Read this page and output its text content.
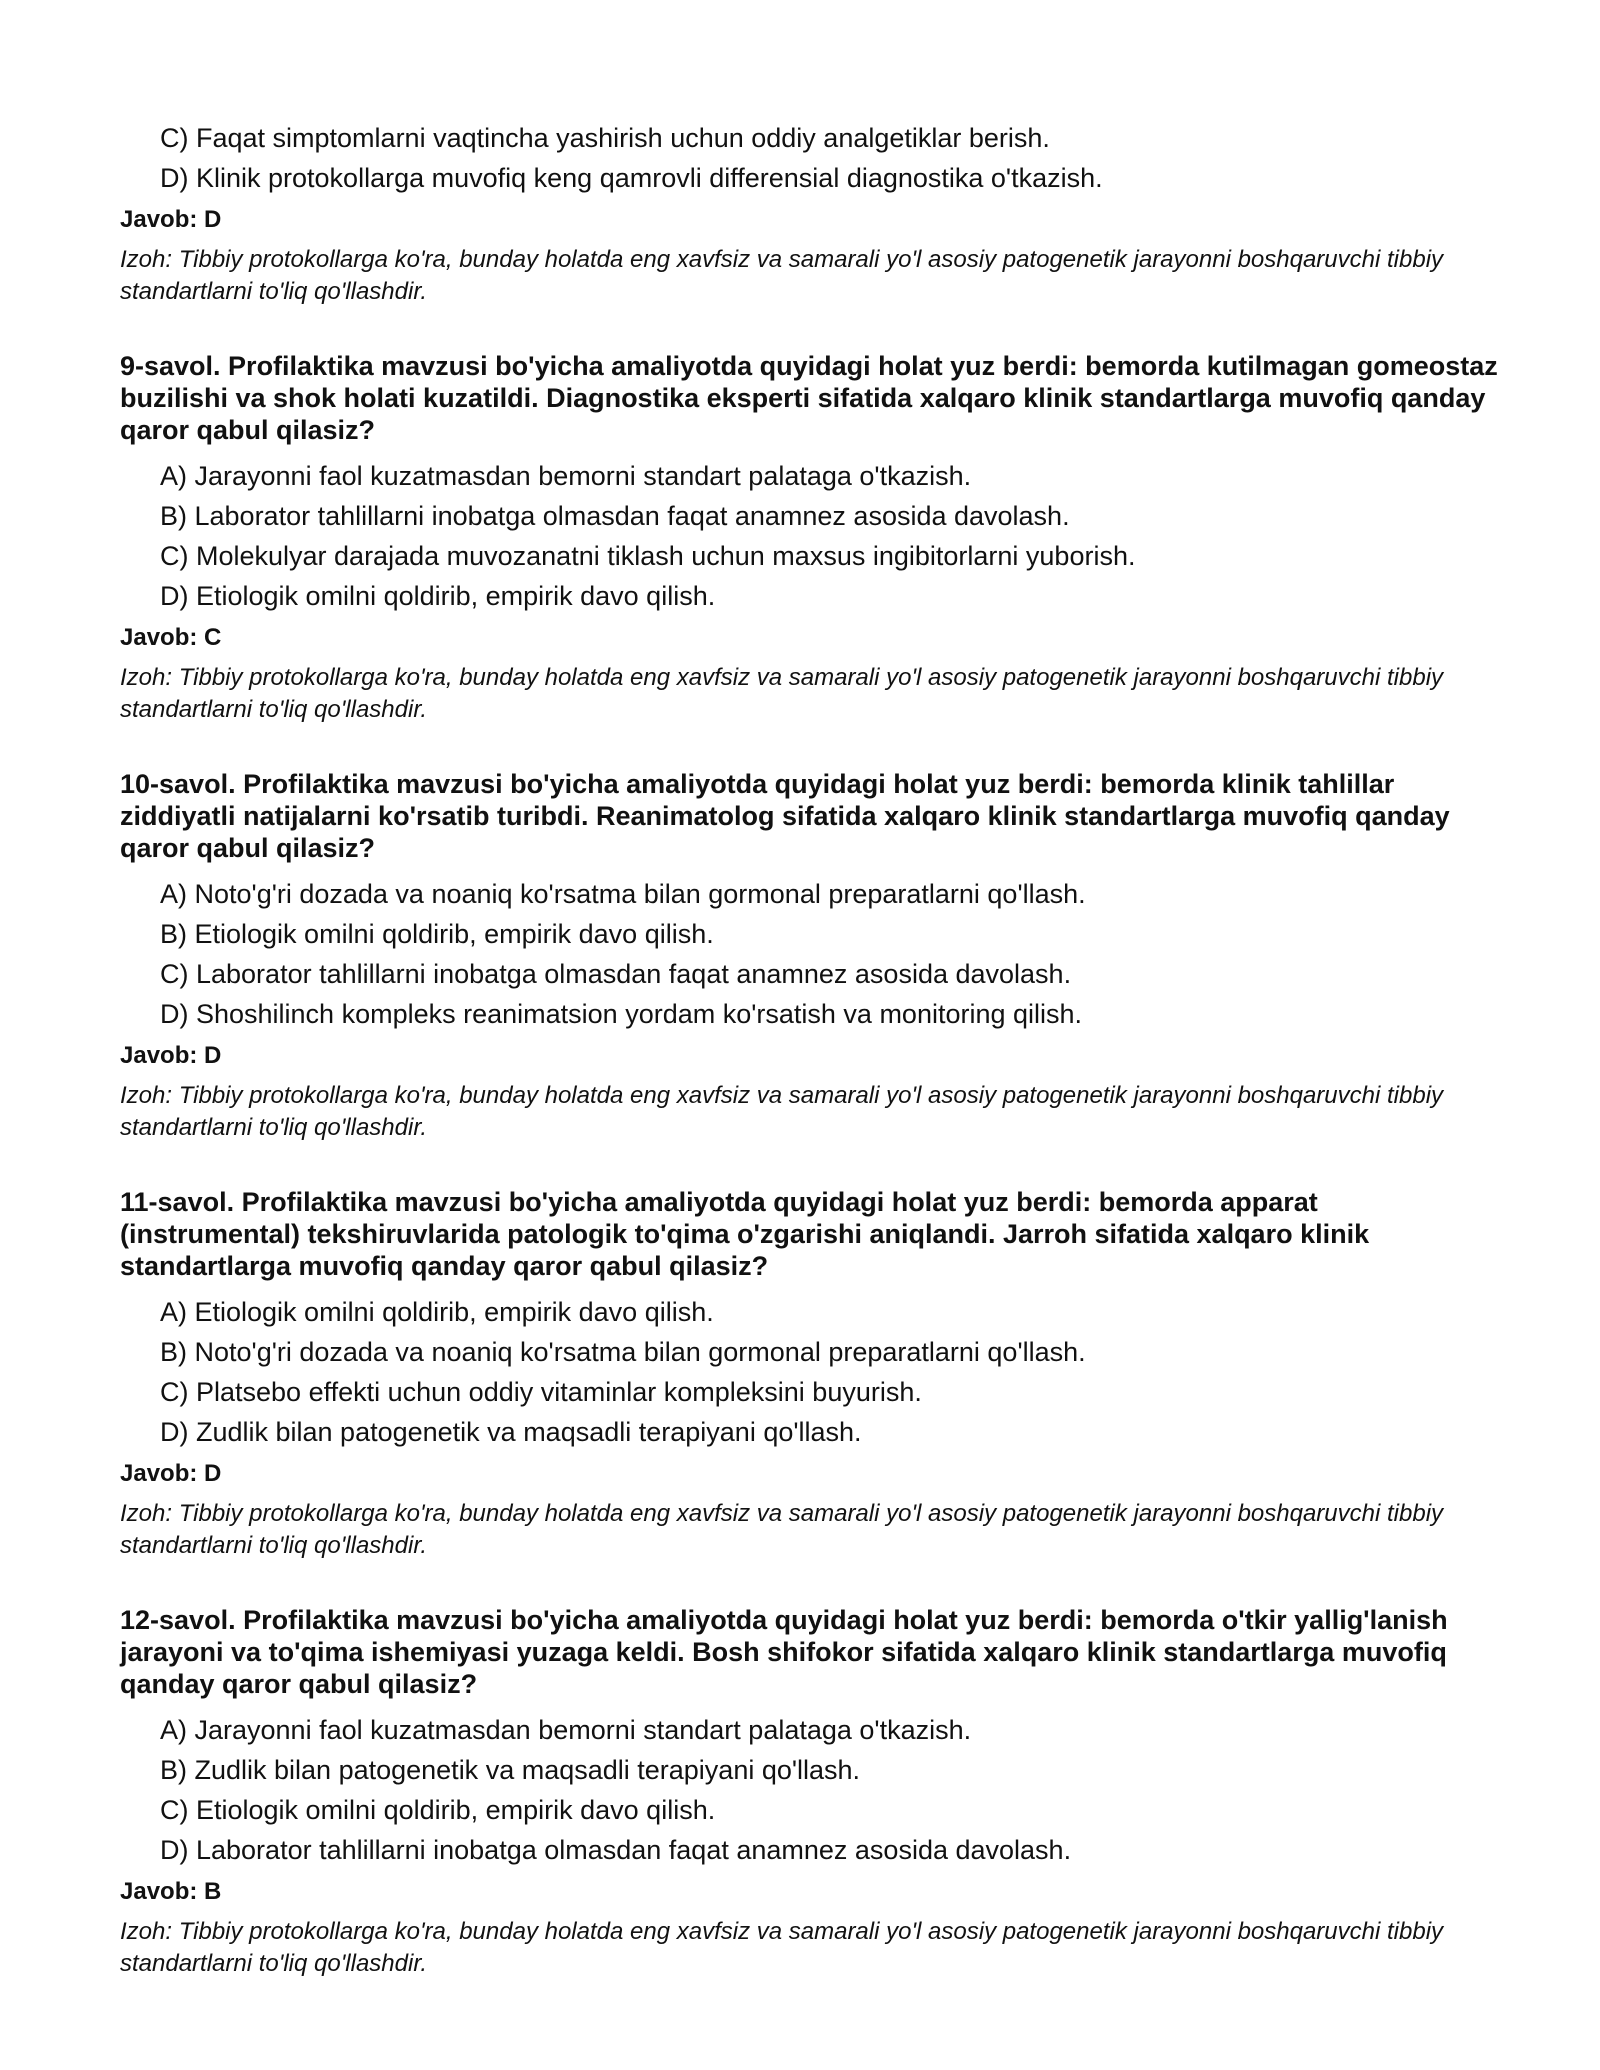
C) Faqat simptomlarni vaqtincha yashirish uchun oddiy analgetiklar berish.

D) Klinik protokollarga muvofiq keng qamrovli differensial diagnostika o'tkazish.

Javob: D

Izoh: Tibbiy protokollarga ko'ra, bunday holatda eng xavfsiz va samarali yo'l asosiy patogenetik jarayonni boshqaruvchi tibbiy standartlarni to'liq qo'llashdir.

9-savol. Profilaktika mavzusi bo'yicha amaliyotda quyidagi holat yuz berdi: bemorda kutilmagan gomeostaz buzilishi va shok holati kuzatildi. Diagnostika eksperti sifatida xalqaro klinik standartlarga muvofiq qanday qaror qabul qilasiz?

A) Jarayonni faol kuzatmasdan bemorni standart palataga o'tkazish.

B) Laborator tahlillarni inobatga olmasdan faqat anamnez asosida davolash.

C) Molekulyar darajada muvozanatni tiklash uchun maxsus ingibitorlarni yuborish.

D) Etiologik omilni qoldirib, empirik davo qilish.

Javob: C

Izoh: Tibbiy protokollarga ko'ra, bunday holatda eng xavfsiz va samarali yo'l asosiy patogenetik jarayonni boshqaruvchi tibbiy standartlarni to'liq qo'llashdir.

10-savol. Profilaktika mavzusi bo'yicha amaliyotda quyidagi holat yuz berdi: bemorda klinik tahlillar ziddiyatli natijalarni ko'rsatib turibdi. Reanimatolog sifatida xalqaro klinik standartlarga muvofiq qanday qaror qabul qilasiz?

A) Noto'g'ri dozada va noaniq ko'rsatma bilan gormonal preparatlarni qo'llash.

B) Etiologik omilni qoldirib, empirik davo qilish.

C) Laborator tahlillarni inobatga olmasdan faqat anamnez asosida davolash.

D) Shoshilinch kompleks reanimatsion yordam ko'rsatish va monitoring qilish.

Javob: D

Izoh: Tibbiy protokollarga ko'ra, bunday holatda eng xavfsiz va samarali yo'l asosiy patogenetik jarayonni boshqaruvchi tibbiy standartlarni to'liq qo'llashdir.

11-savol. Profilaktika mavzusi bo'yicha amaliyotda quyidagi holat yuz berdi: bemorda apparat (instrumental) tekshiruvlarida patologik to'qima o'zgarishi aniqlandi. Jarroh sifatida xalqaro klinik standartlarga muvofiq qanday qaror qabul qilasiz?

A) Etiologik omilni qoldirib, empirik davo qilish.

B) Noto'g'ri dozada va noaniq ko'rsatma bilan gormonal preparatlarni qo'llash.

C) Platsebo effekti uchun oddiy vitaminlar kompleksini buyurish.

D) Zudlik bilan patogenetik va maqsadli terapiyani qo'llash.

Javob: D

Izoh: Tibbiy protokollarga ko'ra, bunday holatda eng xavfsiz va samarali yo'l asosiy patogenetik jarayonni boshqaruvchi tibbiy standartlarni to'liq qo'llashdir.

12-savol. Profilaktika mavzusi bo'yicha amaliyotda quyidagi holat yuz berdi: bemorda o'tkir yallig'lanish jarayoni va to'qima ishemiyasi yuzaga keldi. Bosh shifokor sifatida xalqaro klinik standartlarga muvofiq qanday qaror qabul qilasiz?

A) Jarayonni faol kuzatmasdan bemorni standart palataga o'tkazish.

B) Zudlik bilan patogenetik va maqsadli terapiyani qo'llash.

C) Etiologik omilni qoldirib, empirik davo qilish.

D) Laborator tahlillarni inobatga olmasdan faqat anamnez asosida davolash.

Javob: B

Izoh: Tibbiy protokollarga ko'ra, bunday holatda eng xavfsiz va samarali yo'l asosiy patogenetik jarayonni boshqaruvchi tibbiy standartlarni to'liq qo'llashdir.
